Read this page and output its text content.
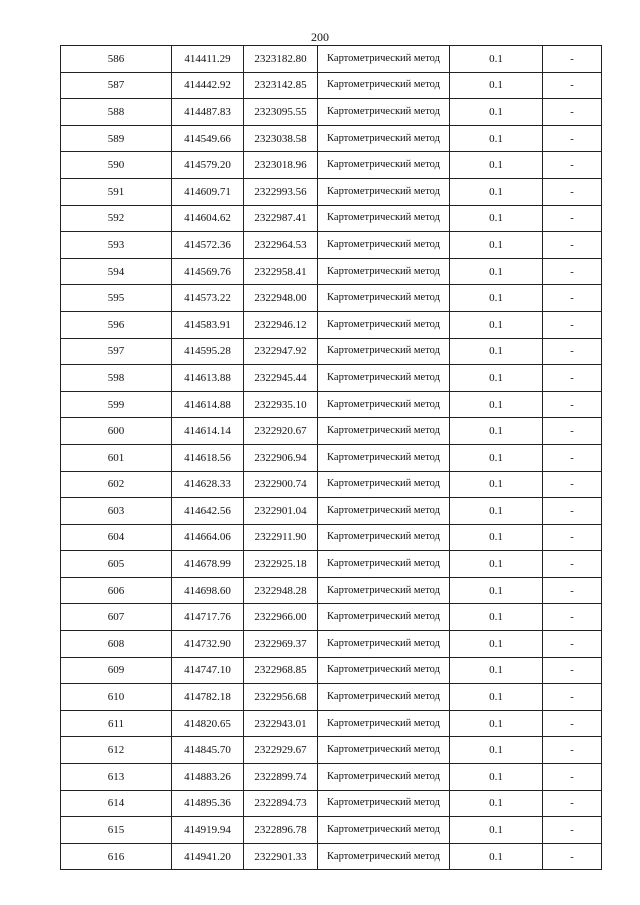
200
586	414411.29	2323182.80	Картометрический метод	0.1	-
587	414442.92	2323142.85	Картометрический метод	0.1	-
588	414487.83	2323095.55	Картометрический метод	0.1	-
589	414549.66	2323038.58	Картометрический метод	0.1	-
590	414579.20	2323018.96	Картометрический метод	0.1	-
591	414609.71	2322993.56	Картометрический метод	0.1	-
592	414604.62	2322987.41	Картометрический метод	0.1	-
593	414572.36	2322964.53	Картометрический метод	0.1	-
594	414569.76	2322958.41	Картометрический метод	0.1	-
595	414573.22	2322948.00	Картометрический метод	0.1	-
596	414583.91	2322946.12	Картометрический метод	0.1	-
597	414595.28	2322947.92	Картометрический метод	0.1	-
598	414613.88	2322945.44	Картометрический метод	0.1	-
599	414614.88	2322935.10	Картометрический метод	0.1	-
600	414614.14	2322920.67	Картометрический метод	0.1	-
601	414618.56	2322906.94	Картометрический метод	0.1	-
602	414628.33	2322900.74	Картометрический метод	0.1	-
603	414642.56	2322901.04	Картометрический метод	0.1	-
604	414664.06	2322911.90	Картометрический метод	0.1	-
605	414678.99	2322925.18	Картометрический метод	0.1	-
606	414698.60	2322948.28	Картометрический метод	0.1	-
607	414717.76	2322966.00	Картометрический метод	0.1	-
608	414732.90	2322969.37	Картометрический метод	0.1	-
609	414747.10	2322968.85	Картометрический метод	0.1	-
610	414782.18	2322956.68	Картометрический метод	0.1	-
611	414820.65	2322943.01	Картометрический метод	0.1	-
612	414845.70	2322929.67	Картометрический метод	0.1	-
613	414883.26	2322899.74	Картометрический метод	0.1	-
614	414895.36	2322894.73	Картометрический метод	0.1	-
615	414919.94	2322896.78	Картометрический метод	0.1	-
616	414941.20	2322901.33	Картометрический метод	0.1	-
